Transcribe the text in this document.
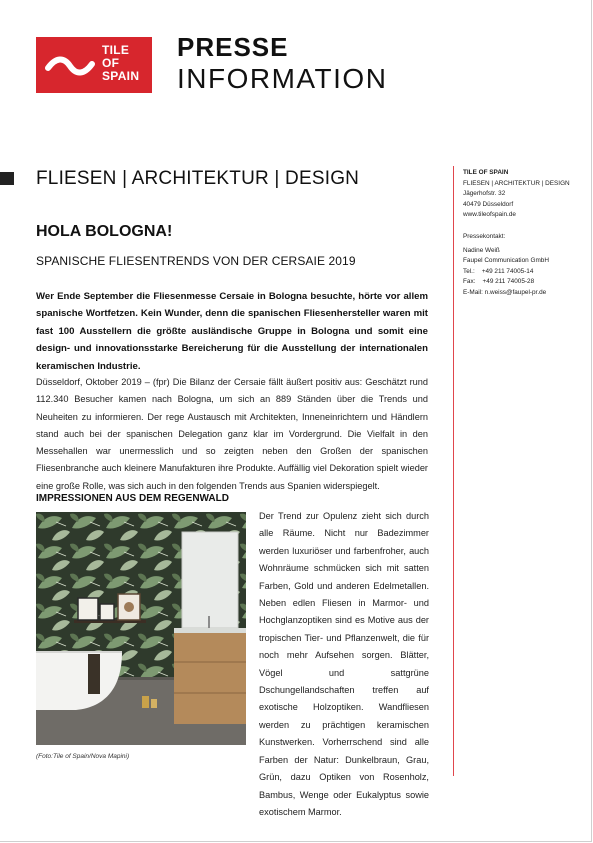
TILE
OF
SPAIN
PRESSE
INFORMATION
FLIESEN | ARCHITEKTUR | DESIGN	TILE OF SPAIN
FLIESEN | ARCHITEKTUR | DESIGN
Jägerhofstr. 32
40479 Düsseldorf
www.tileofspain.de
Pressekontakt:
Nadine Weiß
Faupel Communication GmbH
Tel.:    +49 211 74005-14
Fax:    +49 211 74005-28
E-Mail: n.weiss@faupel-pr.de
HOLA BOLOGNA!
SPANISCHE FLIESENTRENDS VON DER CERSAIE 2019
Wer Ende September die Fliesenmesse Cersaie in Bologna besuchte, hörte vor allem spanische Wortfetzen. Kein Wunder, denn die spanischen Fliesenhersteller waren mit fast 100 Ausstellern die größte ausländische Gruppe in Bologna und somit eine design- und innovationsstarke Bereicherung für die Ausstellung der internationalen keramischen Industrie.
Düsseldorf, Oktober 2019 – (fpr) Die Bilanz der Cersaie fällt äußert positiv aus: Geschätzt rund 112.340 Besucher kamen nach Bologna, um sich an 889 Ständen über die Trends und Neuheiten zu informieren. Der rege Austausch mit Architekten, Inneneinrichtern und Händlern stand auch bei der spanischen Delegation ganz klar im Vordergrund. Die Vielfalt in den Messehallen war unermesslich und so zeigten neben den Großen der spanischen Fliesenbranche auch kleinere Manufakturen ihre Produkte. Auffällig viel Dekoration spielt wieder eine große Rolle, was sich auch in den folgenden Trends aus Spanien widerspiegelt.
IMPRESSIONEN AUS DEM REGENWALD
(Foto:Tile of Spain/Nova Mapini)
Der Trend zur Opulenz zieht sich durch alle Räume. Nicht nur Badezimmer werden luxuriöser und farbenfroher, auch Wohnräume schmücken sich mit satten Farben, Gold und anderen Edelmetallen. Neben edlen Fliesen in Marmor- und Hochglanzoptiken sind es Motive aus der tropischen Tier- und Pflanzenwelt, die für noch mehr Aufsehen sorgen. Blätter, Vögel und sattgrüne Dschungellandschaften treffen auf exotische Holzoptiken. Wandfliesen werden zu prächtigen keramischen Kunstwerken. Vorherrschend sind alle Farben der Natur: Dunkelbraun, Grau, Grün, dazu Optiken von Rosenholz, Bambus, Wenge oder Eukalyptus sowie exotischem Marmor.
